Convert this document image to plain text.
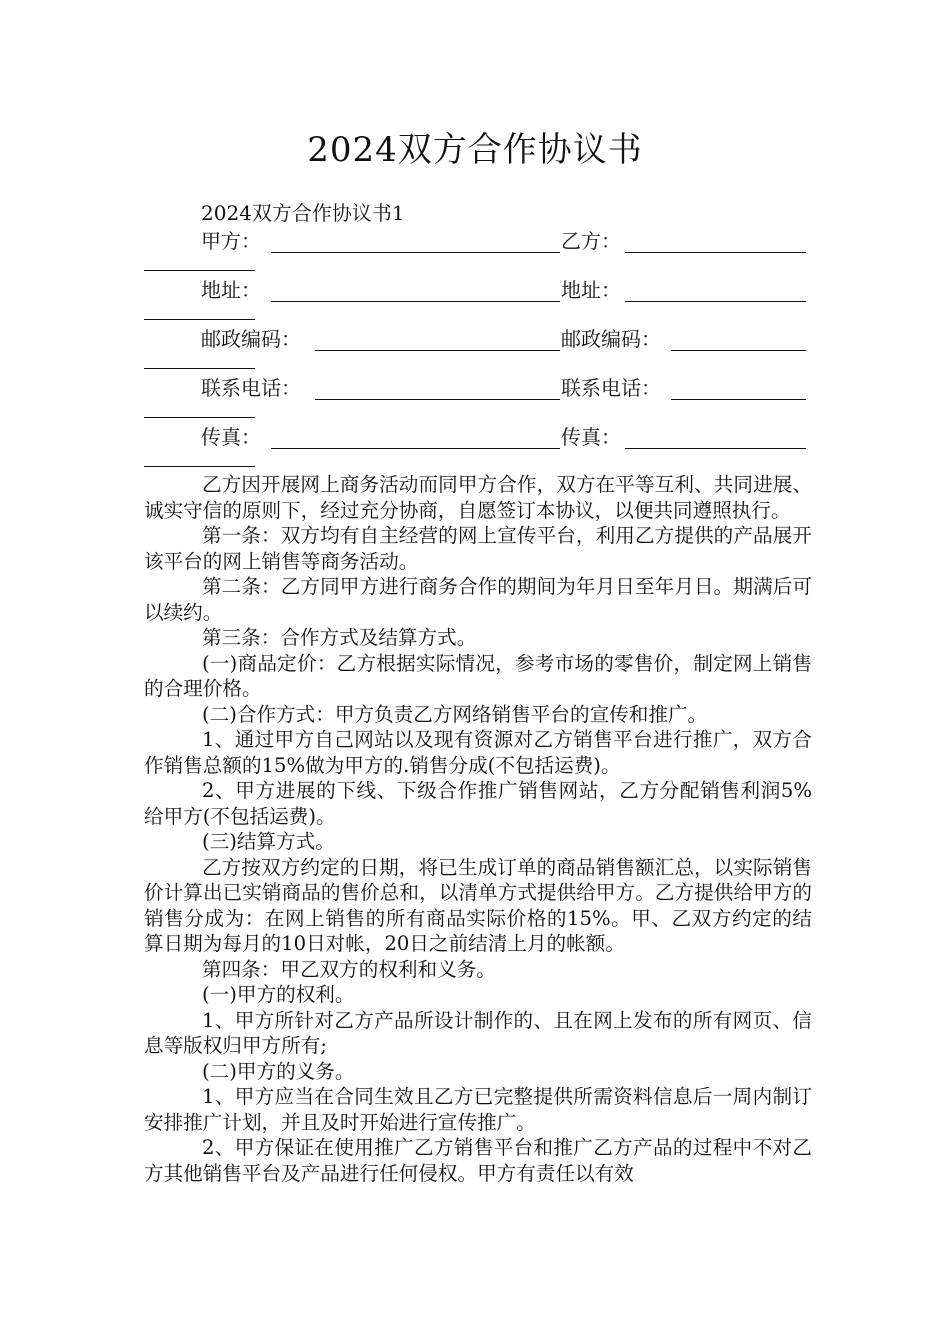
2024双方合作协议书
2024双方合作协议书1
甲方：	乙方：
地址：	地址：
邮政编码：	邮政编码：
联系电话：	联系电话：
传真：	传真：

乙方因开展网上商务活动而同甲方合作，双方在平等互利、共同进展、诚实守信的原则下，经过充分协商，自愿签订本协议，以便共同遵照执行。

第一条：双方均有自主经营的网上宣传平台，利用乙方提供的产品展开该平台的网上销售等商务活动。

第二条：乙方同甲方进行商务合作的期间为年月日至年月日。期满后可以续约。

第三条：合作方式及结算方式。

(一)商品定价：乙方根据实际情况，参考市场的零售价，制定网上销售的合理价格。

(二)合作方式：甲方负责乙方网络销售平台的宣传和推广。

1、通过甲方自己网站以及现有资源对乙方销售平台进行推广，双方合作销售总额的15%做为甲方的.销售分成(不包括运费)。

2、甲方进展的下线、下级合作推广销售网站，乙方分配销售利润5%给甲方(不包括运费)。

(三)结算方式。

乙方按双方约定的日期，将已生成订单的商品销售额汇总，以实际销售价计算出已实销商品的售价总和，以清单方式提供给甲方。乙方提供给甲方的销售分成为：在网上销售的所有商品实际价格的15%。甲、乙双方约定的结算日期为每月的10日对帐，20日之前结清上月的帐额。

第四条：甲乙双方的权利和义务。

(一)甲方的权利。

1、甲方所针对乙方产品所设计制作的、且在网上发布的所有网页、信息等版权归甲方所有;

(二)甲方的义务。

1、甲方应当在合同生效且乙方已完整提供所需资料信息后一周内制订安排推广计划，并且及时开始进行宣传推广。

2、甲方保证在使用推广乙方销售平台和推广乙方产品的过程中不对乙方其他销售平台及产品进行任何侵权。甲方有责任以有效
